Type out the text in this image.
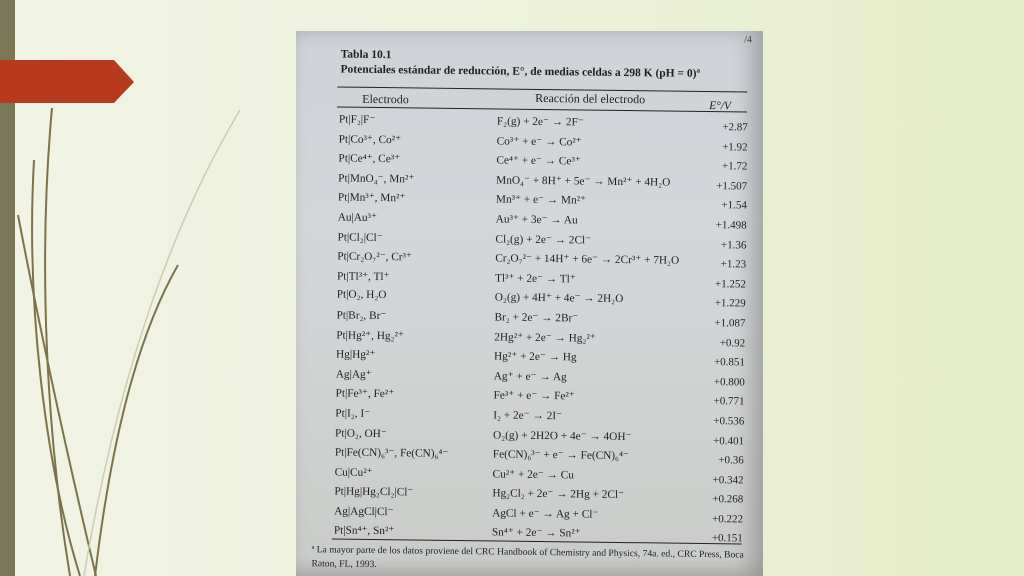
/4
Tabla 10.1
Potenciales estándar de reducción, E°, de medias celdas a 298 K (pH = 0)ª
Electrodo	Reacción del electrodo	E°/V
Pt|F₂|F⁻	F₂(g) + 2e⁻ → 2F⁻	+2.87
Pt|Co³⁺, Co²⁺	Co³⁺ + e⁻ → Co²⁺	+1.92
Pt|Ce⁴⁺, Ce³⁺	Ce⁴⁺ + e⁻ → Ce³⁺	+1.72
Pt|MnO₄⁻, Mn²⁺	MnO₄⁻ + 8H⁺ + 5e⁻ → Mn²⁺ + 4H₂O	+1.507
Pt|Mn³⁺, Mn²⁺	Mn³⁺ + e⁻ → Mn²⁺	+1.54
Au|Au³⁺	Au³⁺ + 3e⁻ → Au	+1.498
Pt|Cl₂|Cl⁻	Cl₂(g) + 2e⁻ → 2Cl⁻	+1.36
Pt|Cr₂O₇²⁻, Cr³⁺	Cr₂O₇²⁻ + 14H⁺ + 6e⁻ → 2Cr³⁺ + 7H₂O	+1.23
Pt|Tl³⁺, Tl⁺	Tl³⁺ + 2e⁻ → Tl⁺	+1.252
Pt|O₂, H₂O	O₂(g) + 4H⁺ + 4e⁻ → 2H₂O	+1.229
Pt|Br₂, Br⁻	Br₂ + 2e⁻ → 2Br⁻	+1.087
Pt|Hg²⁺, Hg₂²⁺	2Hg²⁺ + 2e⁻ → Hg₂²⁺	+0.92
Hg|Hg²⁺	Hg²⁺ + 2e⁻ → Hg	+0.851
Ag|Ag⁺	Ag⁺ + e⁻ → Ag	+0.800
Pt|Fe³⁺, Fe²⁺	Fe³⁺ + e⁻ → Fe²⁺	+0.771
Pt|I₂, I⁻	I₂ + 2e⁻ → 2I⁻	+0.536
Pt|O₂, OH⁻	O₂(g) + 2H2O + 4e⁻ → 4OH⁻	+0.401
Pt|Fe(CN)₆³⁻, Fe(CN)₆⁴⁻	Fe(CN)₆³⁻ + e⁻ → Fe(CN)₆⁴⁻	+0.36
Cu|Cu²⁺	Cu²⁺ + 2e⁻ → Cu	+0.342
Pt|Hg|Hg₂Cl₂|Cl⁻	Hg₂Cl₂ + 2e⁻ → 2Hg + 2Cl⁻	+0.268
Ag|AgCl|Cl⁻	AgCl + e⁻ → Ag + Cl⁻	+0.222
Pt|Sn⁴⁺, Sn²⁺	Sn⁴⁺ + 2e⁻ → Sn²⁺	+0.151
ª La mayor parte de los datos proviene del CRC Handbook of Chemistry and Physics, 74a. ed., CRC Press, Boca Raton, FL, 1993.
